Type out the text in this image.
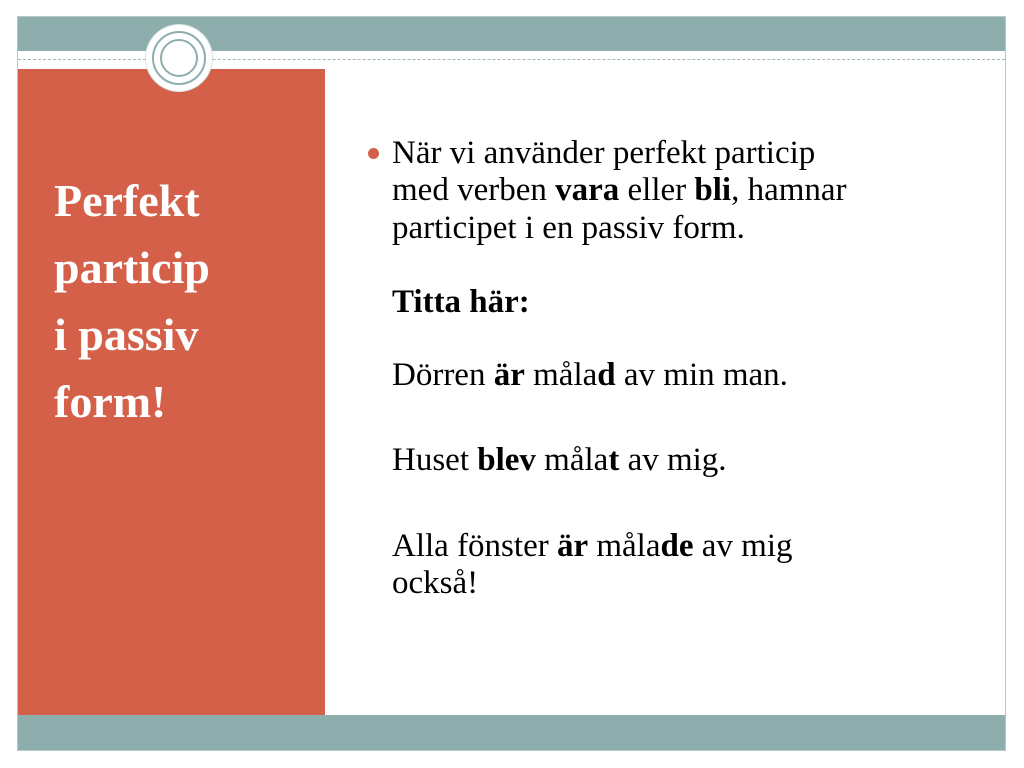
Perfekt
particip
i passiv
form!

När vi använder perfekt particip
med verben vara eller bli, hamnar
participet i en passiv form.

Titta här:

Dörren är målad av min man.

Huset blev målat av mig.

Alla fönster är målade av mig
också!
